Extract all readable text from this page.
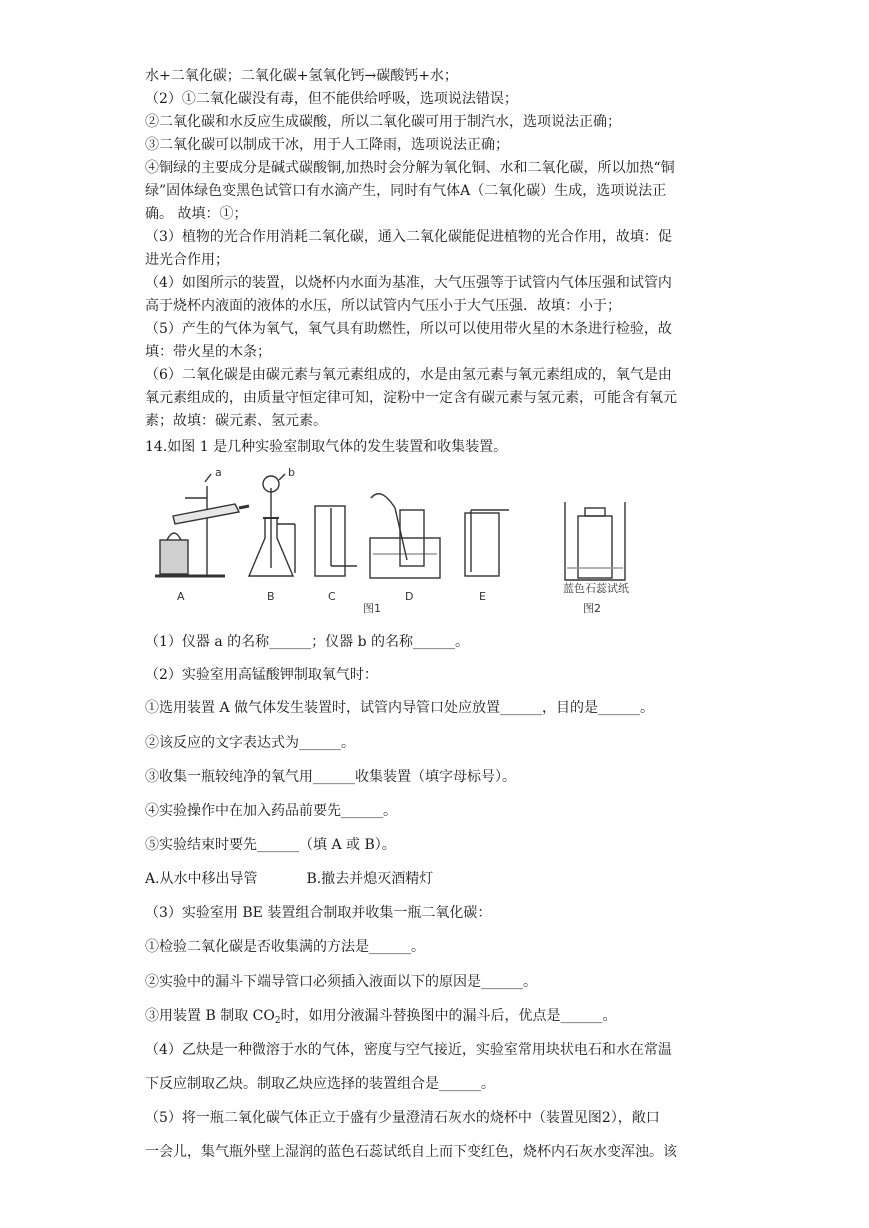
水+二氧化碳；二氧化碳+氢氧化钙→碳酸钙+水；
（2）①二氧化碳没有毒，但不能供给呼吸，选项说法错误；
②二氧化碳和水反应生成碳酸，所以二氧化碳可用于制汽水，选项说法正确；
③二氧化碳可以制成干冰，用于人工降雨，选项说法正确；
④铜绿的主要成分是碱式碳酸铜,加热时会分解为氧化铜、水和二氧化碳，所以加热“铜
绿”固体绿色变黑色试管口有水滴产生，同时有气体A（二氧化碳）生成，选项说法正
确。 故填：①；
（3）植物的光合作用消耗二氧化碳，通入二氧化碳能促进植物的光合作用，故填：促
进光合作用；
（4）如图所示的装置，以烧杯内水面为基准，大气压强等于试管内气体压强和试管内
高于烧杯内液面的液体的水压，所以试管内气压小于大气压强．故填：小于；
（5）产生的气体为氧气，氧气具有助燃性，所以可以使用带火星的木条进行检验，故
填：带火星的木条；
（6）二氧化碳是由碳元素与氧元素组成的，水是由氢元素与氧元素组成的，氧气是由
氧元素组成的，由质量守恒定律可知，淀粉中一定含有碳元素与氢元素，可能含有氧元
素；故填：碳元素、氢元素。
14.如图 1 是几种实验室制取气体的发生装置和收集装置。
A	B	C	D	E
图1	图2
蓝色石蕊试纸
a	b
（1）仪器 a 的名称______；仪器 b 的名称______。
（2）实验室用高锰酸钾制取氧气时：
①选用装置 A 做气体发生装置时，试管内导管口处应放置______，目的是______。
②该反应的文字表达式为______。
③收集一瓶较纯净的氧气用______收集装置（填字母标号）。
④实验操作中在加入药品前要先______。
⑤实验结束时要先______（填 A 或 B）。
A.从水中移出导管	B.撤去并熄灭酒精灯
（3）实验室用 BE 装置组合制取并收集一瓶二氧化碳：
①检验二氧化碳是否收集满的方法是______。
②实验中的漏斗下端导管口必须插入液面以下的原因是______。
③用装置 B 制取 $CO_2$时，如用分液漏斗替换图中的漏斗后，优点是______。
（4）乙炔是一种微溶于水的气体，密度与空气接近，实验室常用块状电石和水在常温
下反应制取乙炔。制取乙炔应选择的装置组合是______。
（5）将一瓶二氧化碳气体正立于盛有少量澄清石灰水的烧杯中（装置见图2），敞口
一会儿，集气瓶外壁上湿润的蓝色石蕊试纸自上而下变红色，烧杯内石灰水变浑浊。该
